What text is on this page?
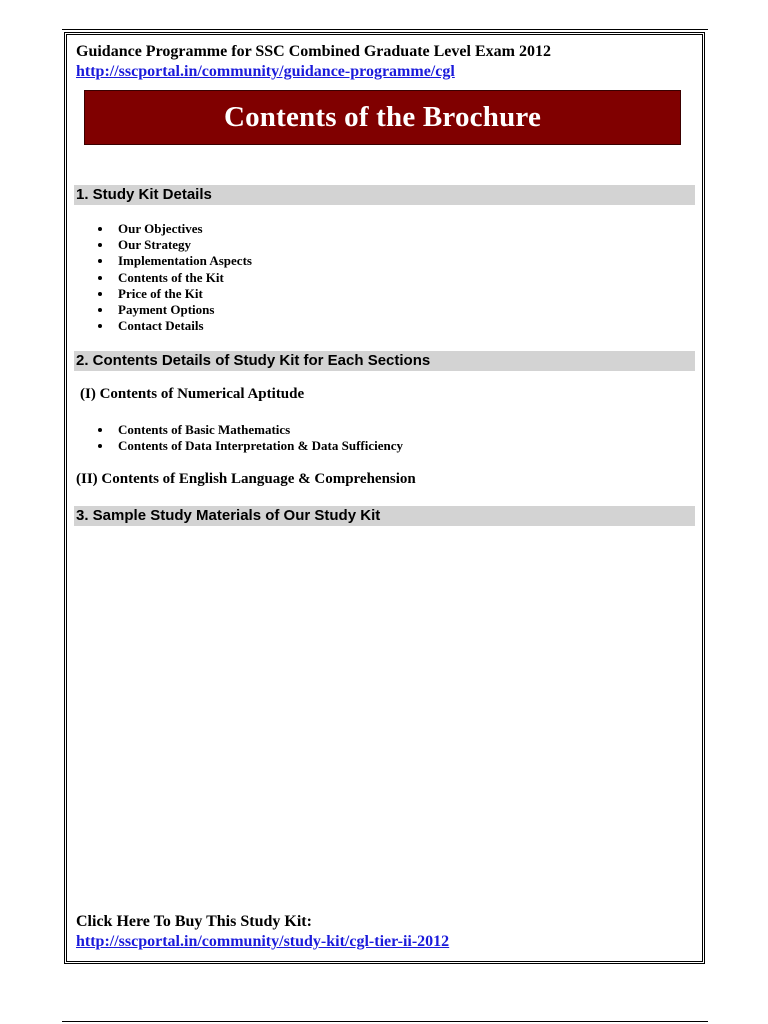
Guidance Programme for SSC Combined Graduate Level Exam 2012
http://sscportal.in/community/guidance-programme/cgl
Contents of the Brochure
1. Study Kit Details
Our Objectives
Our Strategy
Implementation Aspects
Contents of the Kit
Price of the Kit
Payment Options
Contact Details
2. Contents Details of Study Kit for Each Sections
(I) Contents of Numerical Aptitude
Contents of Basic Mathematics
Contents of Data Interpretation & Data Sufficiency
(II) Contents of English Language & Comprehension
3. Sample Study Materials of Our Study Kit
Click Here To Buy This Study Kit:
http://sscportal.in/community/study-kit/cgl-tier-ii-2012
